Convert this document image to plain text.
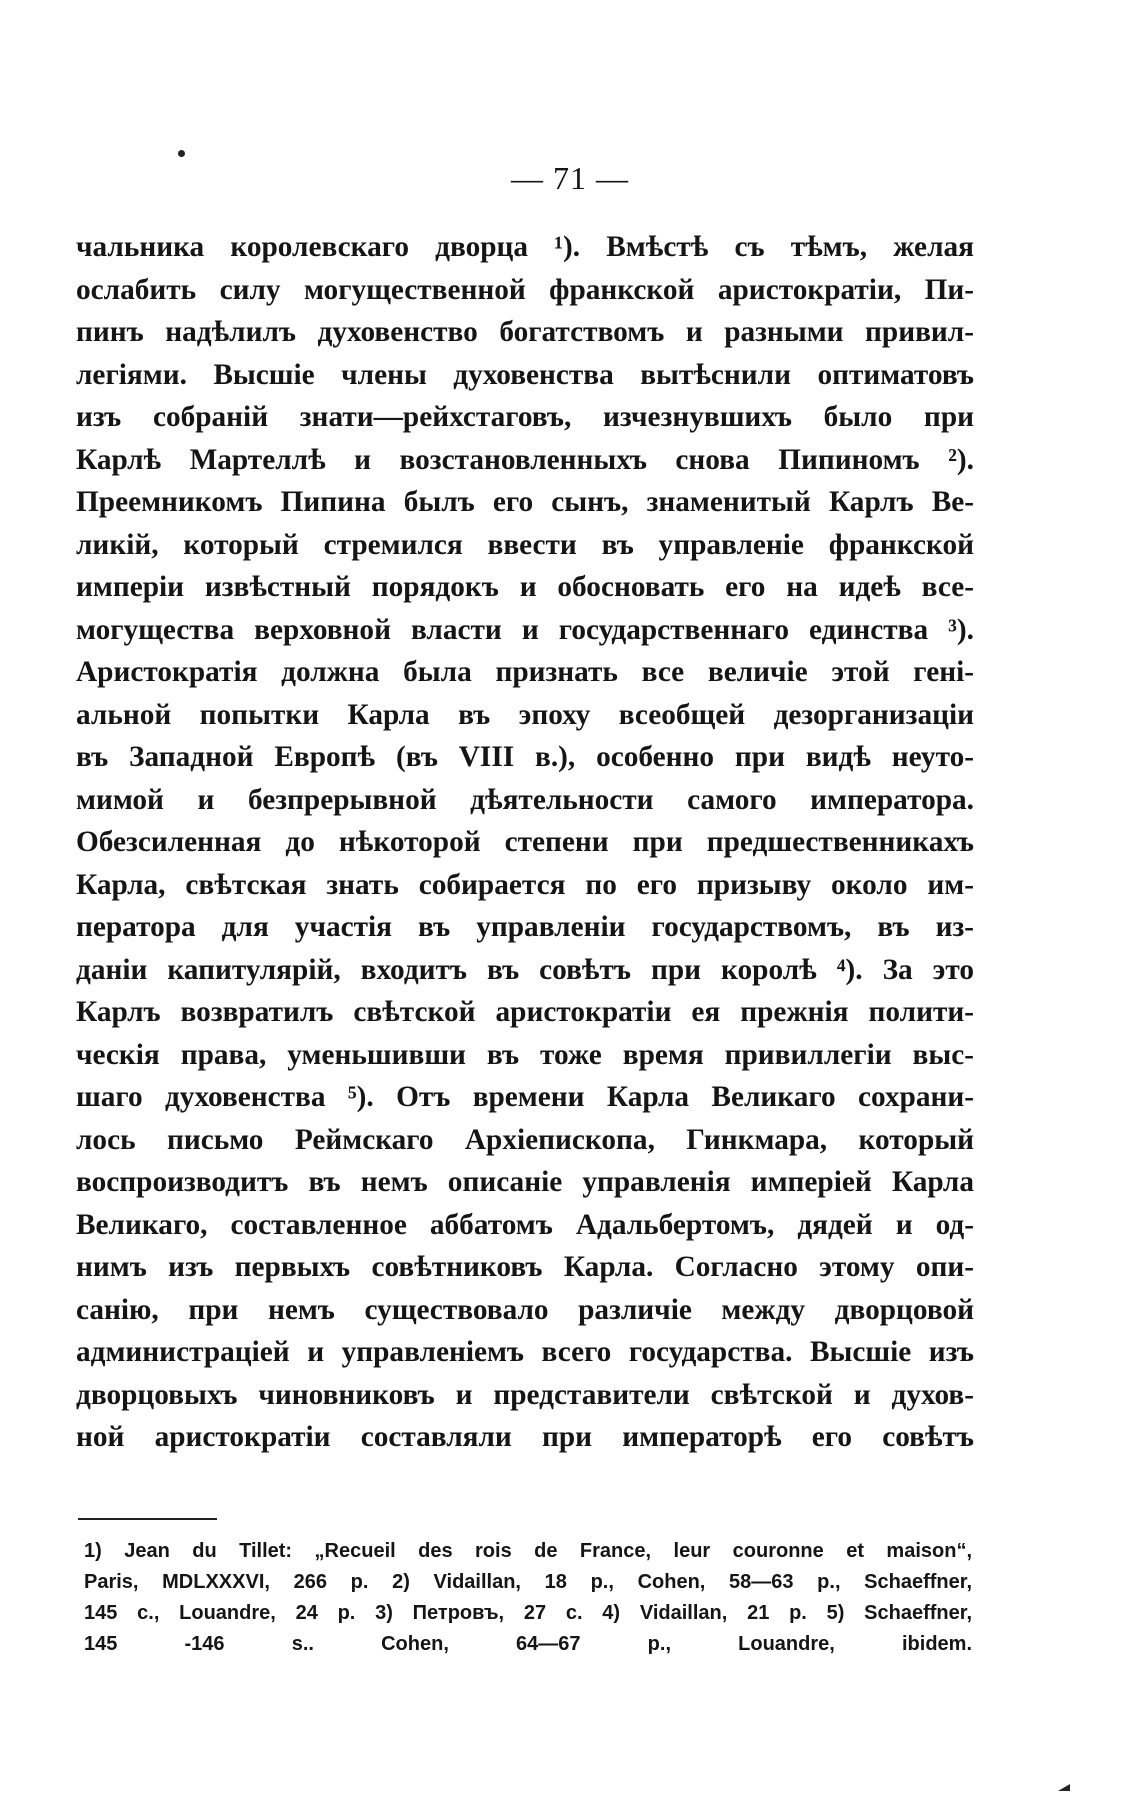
— 71 —
чальника королевскаго дворца ¹). Вмѣстѣ съ тѣмъ, желая
ослабить силу могущественной франкской аристократіи, Пи-
пинъ надѣлилъ духовенство богатствомъ и разными привил-
легіями. Высшіе члены духовенства вытѣснили оптиматовъ
изъ собраній знати—рейхстаговъ, изчезнувшихъ было при
Карлѣ Мартеллѣ и возстановленныхъ снова Пипиномъ ²).
Преемникомъ Пипина былъ его сынъ, знаменитый Карлъ Ве-
ликій, который стремился ввести въ управленіе франкской
имперіи извѣстный порядокъ и обосновать его на идеѣ все-
могущества верховной власти и государственнаго единства ³).
Аристократія должна была признать все величіе этой гені-
альной попытки Карла въ эпоху всеобщей дезорганизаціи
въ Западной Европѣ (въ VIII в.), особенно при видѣ неуто-
мимой и безпрерывной дѣятельности самого императора.
Обезсиленная до нѣкоторой степени при предшественникахъ
Карла, свѣтская знать собирается по его призыву около им-
ператора для участія въ управленіи государствомъ, въ из-
даніи капитулярій, входитъ въ совѣтъ при королѣ ⁴). За это
Карлъ возвратилъ свѣтской аристократіи ея прежнія полити-
ческія права, уменьшивши въ тоже время привиллегіи выс-
шаго духовенства ⁵). Отъ времени Карла Великаго сохрани-
лось письмо Реймскаго Архіепископа, Гинкмара, который
воспроизводитъ въ немъ описаніе управленія имперіей Карла
Великаго, составленное аббатомъ Адальбертомъ, дядей и од-
нимъ изъ первыхъ совѣтниковъ Карла. Согласно этому опи-
санію, при немъ существовало различіе между дворцовой
администраціей и управленіемъ всего государства. Высшіе изъ
дворцовыхъ чиновниковъ и представители свѣтской и духов-
ной аристократіи составляли при императорѣ его совѣтъ
1) Jean du Tillet: „Recueil des rois de France, leur couronne et maison“,
Paris, MDLXXXVI, 266 p. 2) Vidaillan, 18 p., Cohen, 58—63 p., Schaeffner,
145 c., Louandre, 24 p. 3) Петровъ, 27 c. 4) Vidaillan, 21 p. 5) Schaeffner,
145 -146 s.. Cohen, 64—67 p., Louandre, ibidem.
